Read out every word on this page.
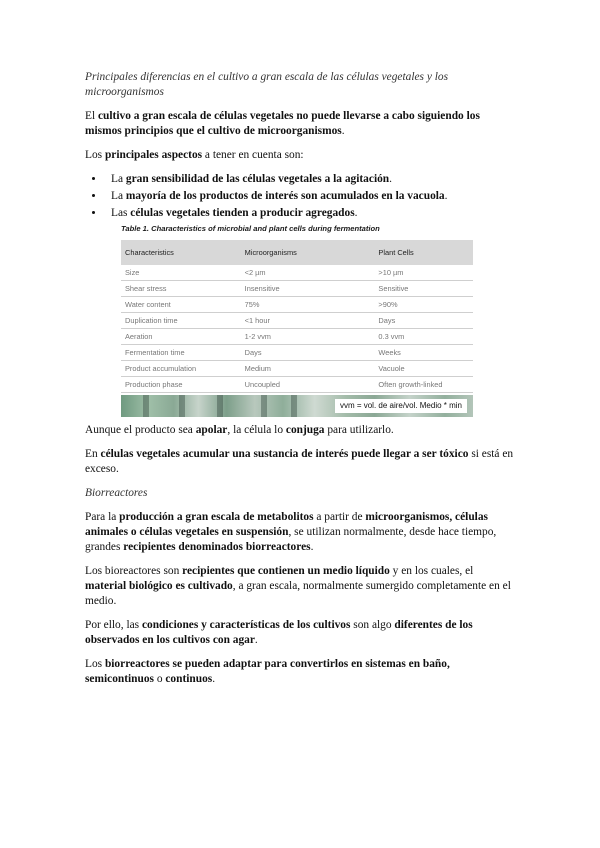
Principales diferencias en el cultivo a gran escala de las células vegetales y los microorganismos

El cultivo a gran escala de células vegetales no puede llevarse a cabo siguiendo los mismos principios que el cultivo de microorganismos.

Los principales aspectos a tener en cuenta son:

• La gran sensibilidad de las células vegetales a la agitación.
• La mayoría de los productos de interés son acumulados en la vacuola.
• Las células vegetales tienden a producir agregados.
Table 1. Characteristics of microbial and plant cells during fermentation
Characteristics	Microorganisms	Plant Cells
Size	<2 µm	>10 µm
Shear stress	Insensitive	Sensitive
Water content	75%	>90%
Duplication time	<1 hour	Days
Aeration	1-2 vvm	0.3 vvm
Fermentation time	Days	Weeks
Product accumulation	Medium	Vacuole
Production phase	Uncoupled	Often growth-linked
vvm = vol. de aire/vol. Medio * min

Aunque el producto sea apolar, la célula lo conjuga para utilizarlo.

En células vegetales acumular una sustancia de interés puede llegar a ser tóxico si está en exceso.

Biorreactores

Para la producción a gran escala de metabolitos a partir de microorganismos, células animales o células vegetales en suspensión, se utilizan normalmente, desde hace tiempo, grandes recipientes denominados biorreactores.

Los bioreactores son recipientes que contienen un medio líquido y en los cuales, el material biológico es cultivado, a gran escala, normalmente sumergido completamente en el medio.

Por ello, las condiciones y características de los cultivos son algo diferentes de los observados en los cultivos con agar.

Los biorreactores se pueden adaptar para convertirlos en sistemas en baño, semicontinuos o continuos.
